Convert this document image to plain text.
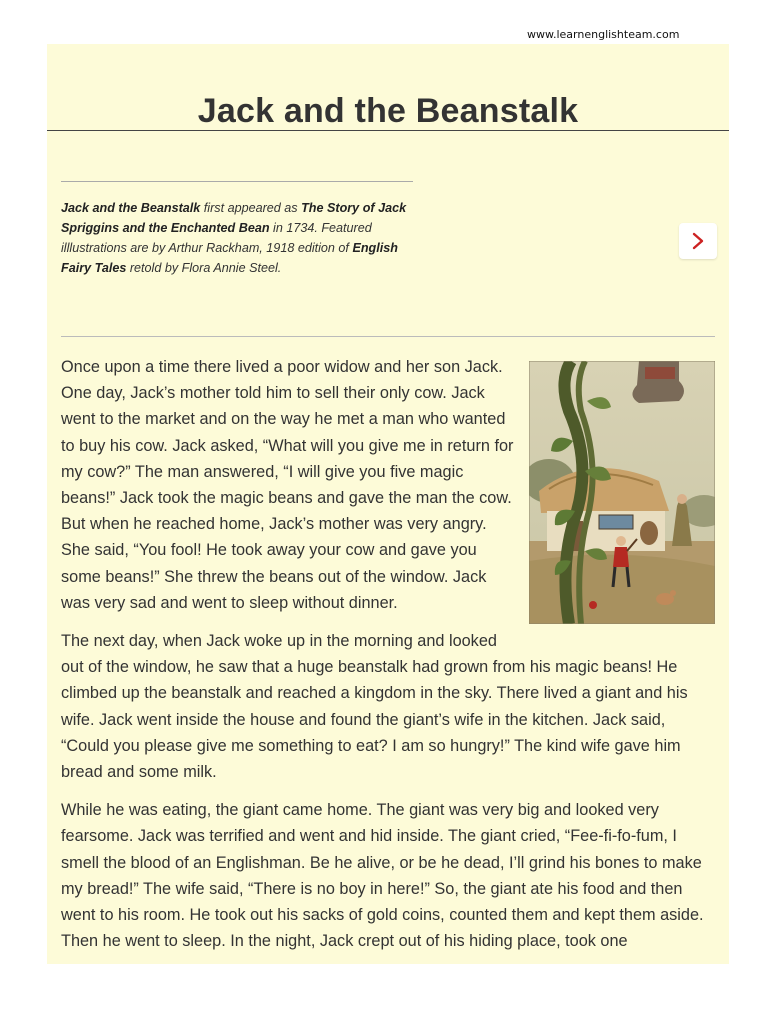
www.learnenglishteam.com
Jack and the Beanstalk
Jack and the Beanstalk first appeared as The Story of Jack Spriggins and the Enchanted Bean in 1734. Featured illlustrations are by Arthur Rackham, 1918 edition of English Fairy Tales retold by Flora Annie Steel.

Once upon a time there lived a poor widow and her son Jack. One day, Jack’s mother told him to sell their only cow. Jack went to the market and on the way he met a man who wanted to buy his cow. Jack asked, “What will you give me in return for my cow?” The man answered, “I will give you five magic beans!” Jack took the magic beans and gave the man the cow. But when he reached home, Jack’s mother was very angry. She said, “You fool! He took away your cow and gave you some beans!” She threw the beans out of the window. Jack was very sad and went to sleep without dinner.

The next day, when Jack woke up in the morning and looked out of the window, he saw that a huge beanstalk had grown from his magic beans! He climbed up the beanstalk and reached a kingdom in the sky. There lived a giant and his wife. Jack went inside the house and found the giant’s wife in the kitchen. Jack said, “Could you please give me something to eat? I am so hungry!” The kind wife gave him bread and some milk.

While he was eating, the giant came home. The giant was very big and looked very fearsome. Jack was terrified and went and hid inside. The giant cried, “Fee-fi-fo-fum, I smell the blood of an Englishman. Be he alive, or be he dead, I’ll grind his bones to make my bread!” The wife said, “There is no boy in here!” So, the giant ate his food and then went to his room. He took out his sacks of gold coins, counted them and kept them aside. Then he went to sleep. In the night, Jack crept out of his hiding place, took one
